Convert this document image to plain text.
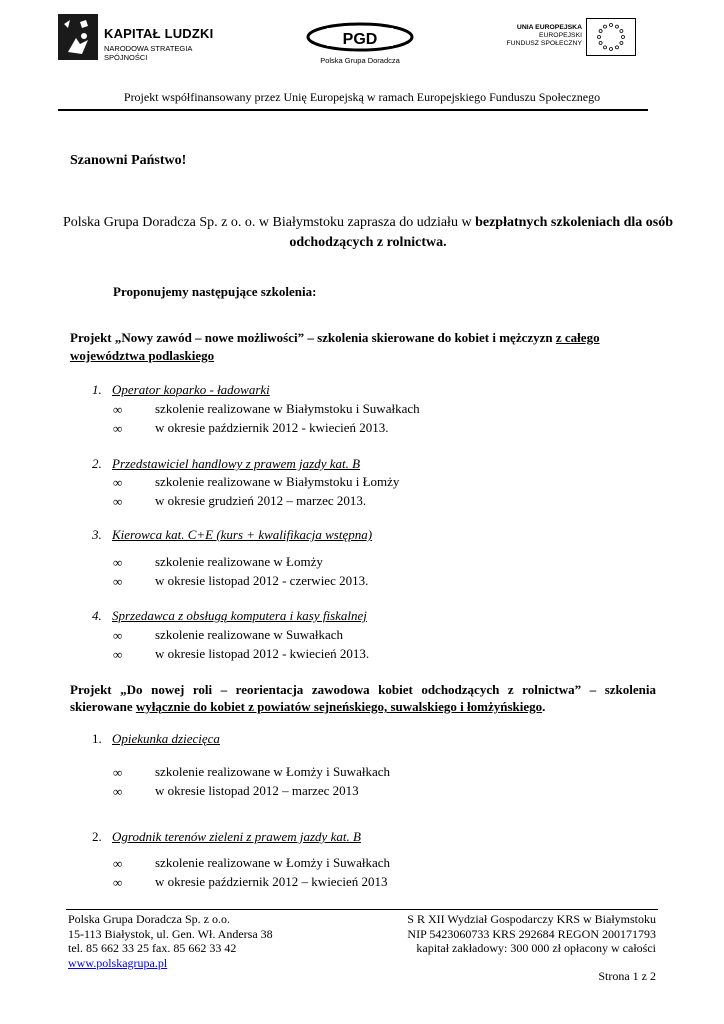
KAPITAŁ LUDZKI
NARODOWA STRATEGIA SPÓJNOŚCI
PGD
Polska Grupa Doradcza
UNIA EUROPEJSKA
EUROPEJSKI
FUNDUSZ SPOŁECZNY
Projekt współfinansowany przez Unię Europejską w ramach Europejskiego Funduszu Społecznego
Szanowni Państwo!
Polska Grupa Doradcza Sp. z o. o. w Białymstoku zaprasza do udziału w bezpłatnych szkoleniach dla osób odchodzących z rolnictwa.
Proponujemy następujące szkolenia:
Projekt „Nowy zawód – nowe możliwości” – szkolenia skierowane do kobiet i mężczyzn z całego województwa podlaskiego
1. Operator koparko - ładowarki
∞	szkolenie realizowane w Białymstoku i Suwałkach
∞	w okresie październik 2012 - kwiecień 2013.
2. Przedstawiciel handlowy z prawem jazdy kat. B
∞	szkolenie realizowane w Białymstoku i Łomży
∞	w okresie grudzień 2012 – marzec 2013.
3. Kierowca kat. C+E (kurs + kwalifikacja wstępna)
∞	szkolenie realizowane w Łomży
∞	w okresie listopad 2012 - czerwiec 2013.
4. Sprzedawca z obsługą komputera i kasy fiskalnej
∞	szkolenie realizowane w Suwałkach
∞	w okresie listopad 2012 - kwiecień 2013.
Projekt „Do nowej roli – reorientacja zawodowa kobiet odchodzących z rolnictwa” – szkolenia
skierowane wyłącznie do kobiet z powiatów sejneńskiego, suwalskiego i łomżyńskiego.
1. Opiekunka dziecięca
∞	szkolenie realizowane w Łomży i Suwałkach
∞	w okresie listopad 2012 – marzec 2013
2. Ogrodnik terenów zieleni z prawem jazdy kat. B
∞	szkolenie realizowane w Łomży i Suwałkach
∞	w okresie październik 2012 – kwiecień 2013
Polska Grupa Doradcza Sp. z o.o.
15-113 Białystok, ul. Gen. Wł. Andersa 38
tel. 85 662 33 25 fax. 85 662 33 42
www.polskagrupa.pl
S R XII Wydział Gospodarczy KRS w Białymstoku
NIP 5423060733 KRS 292684 REGON 200171793
kapitał zakładowy: 300 000 zł opłacony w całości
Strona 1 z 2
